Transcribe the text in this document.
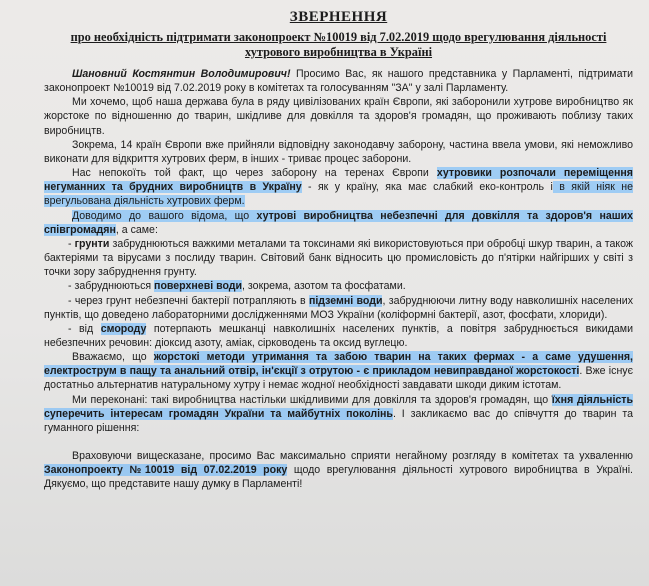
ЗВЕРНЕННЯ
про необхідність підтримати законопроект №10019 від 7.02.2019 щодо врегулювання діяльності
хутрового виробництва в Україні

Шановний Костянтин Володимирович! Просимо Вас, як нашого представника у Парламенті, підтримати законопроект №10019 від 7.02.2019 року в комітетах та голосуванням "ЗА" у залі Парламенту.

Ми хочемо, щоб наша держава була в ряду цивілізованих країн Європи, які заборонили хутрове виробництво як жорстоке по відношенню до тварин, шкідливе для довкілля та здоров'я громадян, що проживають поблизу таких виробництв.

Зокрема, 14 країн Європи вже прийняли відповідну законодавчу заборону, частина ввела умови, які неможливо виконати для відкриття хутрових ферм, в інших - триває процес заборони.

Нас непокоїть той факт, що через заборону на теренах Європи хутровики розпочали переміщення негуманних та брудних виробництв в Україну - як у країну, яка має слабкий еко-контроль і в якій ніяк не врегульована діяльність хутрових ферм.

Доводимо до вашого відома, що хутрові виробництва небезпечні для довкілля та здоров'я наших співгромадян, а саме:

- грунти забруднюються важкими металами та токсинами які використовуються при обробці шкур тварин, а також бактеріями та вірусами з послиду тварин. Світовий банк відносить цю промисловість до п'ятірки найгірших у світі з точки зору забруднення грунту.

- забруднюються поверхневі води, зокрема, азотом та фосфатами.

- через грунт небезпечні бактерії потрапляють в підземні води, забруднюючи литну воду навколишніх населених пунктів, що доведено лабораторними дослідженнями МОЗ України (коліформні бактерії, азот, фосфати, хлориди).

- від смороду потерпають мешканці навколишніх населених пунктів, а повітря забруднюється викидами небезпечних речовин: діоксид азоту, аміак, сірководень та оксид вуглецю.

Вважаємо, що жорстокі методи утримання та забою тварин на таких фермах - а саме удушення, електрострум в пащу та анальний отвір, ін'єкції з отрутою - є прикладом невиправданої жорстокості. Вже існує достатньо альтернатив натуральному хутру і немає жодної необхідності завдавати шкоди диким істотам.

Ми переконані: такі виробництва настільки шкідливими для довкілля та здоров'я громадян, що їхня діяльність суперечить інтересам громадян України та майбутніх поколінь. І закликаємо вас до співчуття до тварин та гуманного рішення:

Враховуючи вищесказане, просимо Вас максимально сприяти негайному розгляду в комітетах та ухваленню Законопроекту №10019 від 07.02.2019 року щодо врегулювання діяльності хутрового виробництва в Україні. Дякуємо, що представите нашу думку в Парламенті!
